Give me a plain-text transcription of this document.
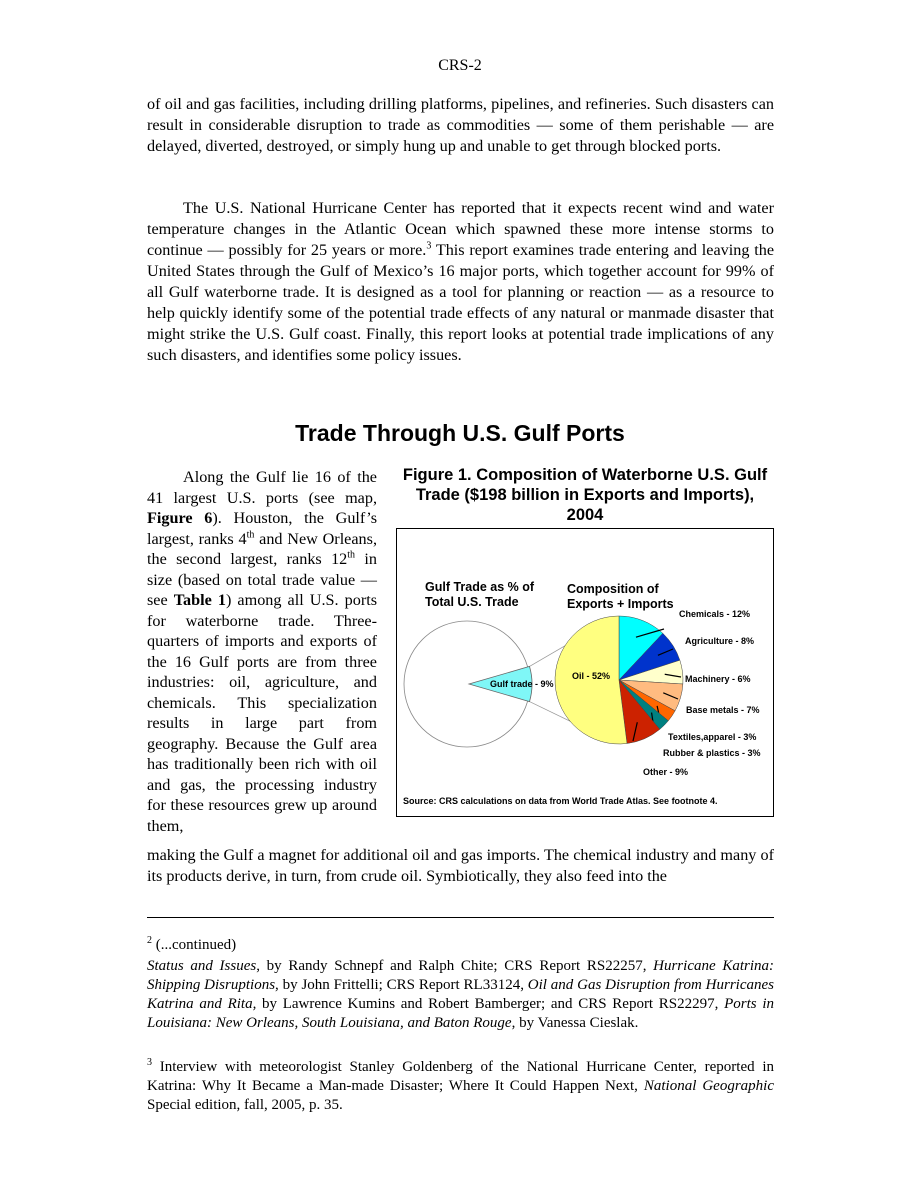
CRS-2
of oil and gas facilities, including drilling platforms, pipelines, and refineries. Such disasters can result in considerable disruption to trade as commodities — some of them perishable — are delayed, diverted, destroyed, or simply hung up and unable to get through blocked ports.
The U.S. National Hurricane Center has reported that it expects recent wind and water temperature changes in the Atlantic Ocean which spawned these more intense storms to continue — possibly for 25 years or more.$^3$ This report examines trade entering and leaving the United States through the Gulf of Mexico’s 16 major ports, which together account for 99% of all Gulf waterborne trade. It is designed as a tool for planning or reaction — as a resource to help quickly identify some of the potential trade effects of any natural or manmade disaster that might strike the U.S. Gulf coast. Finally, this report looks at potential trade implications of any such disasters, and identifies some policy issues.
Trade Through U.S. Gulf Ports
Along the Gulf lie 16 of the 41 largest U.S. ports (see map, Figure 6). Houston, the Gulf’s largest, ranks 4th and New Orleans, the second largest, ranks 12th in size (based on total trade value — see Table 1) among all U.S. ports for waterborne trade. Three-quarters of imports and exports of the 16 Gulf ports are from three industries: oil, agriculture, and chemicals. This specialization results in large part from geography. Because the Gulf area has traditionally been rich with oil and gas, the processing industry for these resources grew up around them,
Figure 1. Composition of Waterborne U.S. Gulf Trade ($198 billion in Exports and Imports), 2004
Gulf Trade as % of
Total U.S. Trade
Composition of
Exports + Imports
Gulf trade - 9%
Chemicals - 12%
Agriculture - 8%
Machinery - 6%
Base metals - 7%
Textiles,apparel - 3%
Rubber & plastics - 3%
Other - 9%
Oil - 52%
Source: CRS calculations on data from World Trade Atlas. See footnote 4.
making the Gulf a magnet for additional oil and gas imports. The chemical industry and many of its products derive, in turn, from crude oil. Symbiotically, they also feed into the
$^2$ (...continued)
Status and Issues, by Randy Schnepf and Ralph Chite; CRS Report RS22257, Hurricane Katrina: Shipping Disruptions, by John Frittelli; CRS Report RL33124, Oil and Gas Disruption from Hurricanes Katrina and Rita, by Lawrence Kumins and Robert Bamberger; and CRS Report RS22297, Ports in Louisiana: New Orleans, South Louisiana, and Baton Rouge, by Vanessa Cieslak.
$^3$ Interview with meteorologist Stanley Goldenberg of the National Hurricane Center, reported in Katrina: Why It Became a Man-made Disaster; Where It Could Happen Next, National Geographic Special edition, fall, 2005, p. 35.
